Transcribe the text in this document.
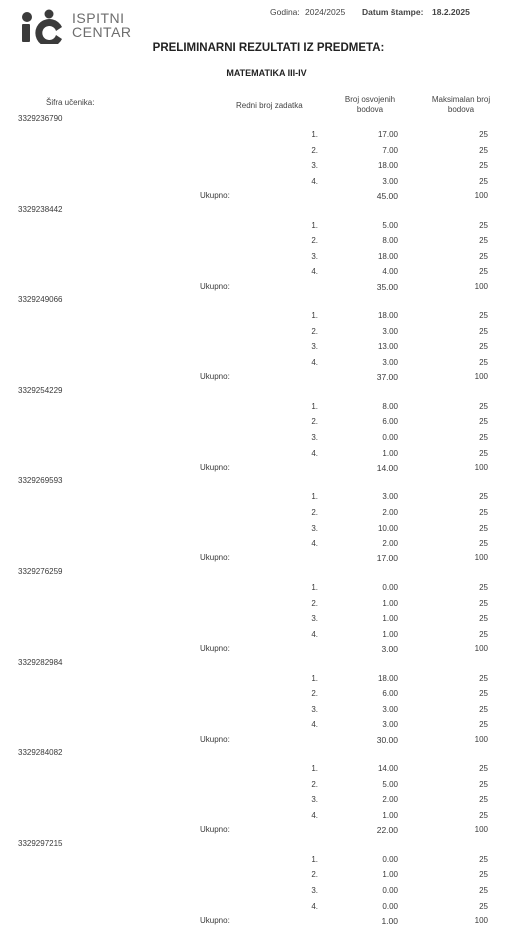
ISPITNI
CENTAR
Godina: 2024/2025 Datum štampe: 18.2.2025
PRELIMINARNI REZULTATI IZ PREDMETA:
MATEMATIKA III-IV
Šifra učenika:	Redni broj zadatka
Broj osvojenih
bodova
Maksimalan broj
bodova
3329236790
1.	17.00	25
2.	7.00	25
3.	18.00	25
4.	3.00	25
Ukupno:	45.00	100
3329238442
1.	5.00	25
2.	8.00	25
3.	18.00	25
4.	4.00	25
Ukupno:	35.00	100
3329249066
1.	18.00	25
2.	3.00	25
3.	13.00	25
4.	3.00	25
Ukupno:	37.00	100
3329254229
1.	8.00	25
2.	6.00	25
3.	0.00	25
4.	1.00	25
Ukupno:	14.00	100
3329269593
1.	3.00	25
2.	2.00	25
3.	10.00	25
4.	2.00	25
Ukupno:	17.00	100
3329276259
1.	0.00	25
2.	1.00	25
3.	1.00	25
4.	1.00	25
Ukupno:	3.00	100
3329282984
1.	18.00	25
2.	6.00	25
3.	3.00	25
4.	3.00	25
Ukupno:	30.00	100
3329284082
1.	14.00	25
2.	5.00	25
3.	2.00	25
4.	1.00	25
Ukupno:	22.00	100
3329297215
1.	0.00	25
2.	1.00	25
3.	0.00	25
4.	0.00	25
Ukupno:	1.00	100
